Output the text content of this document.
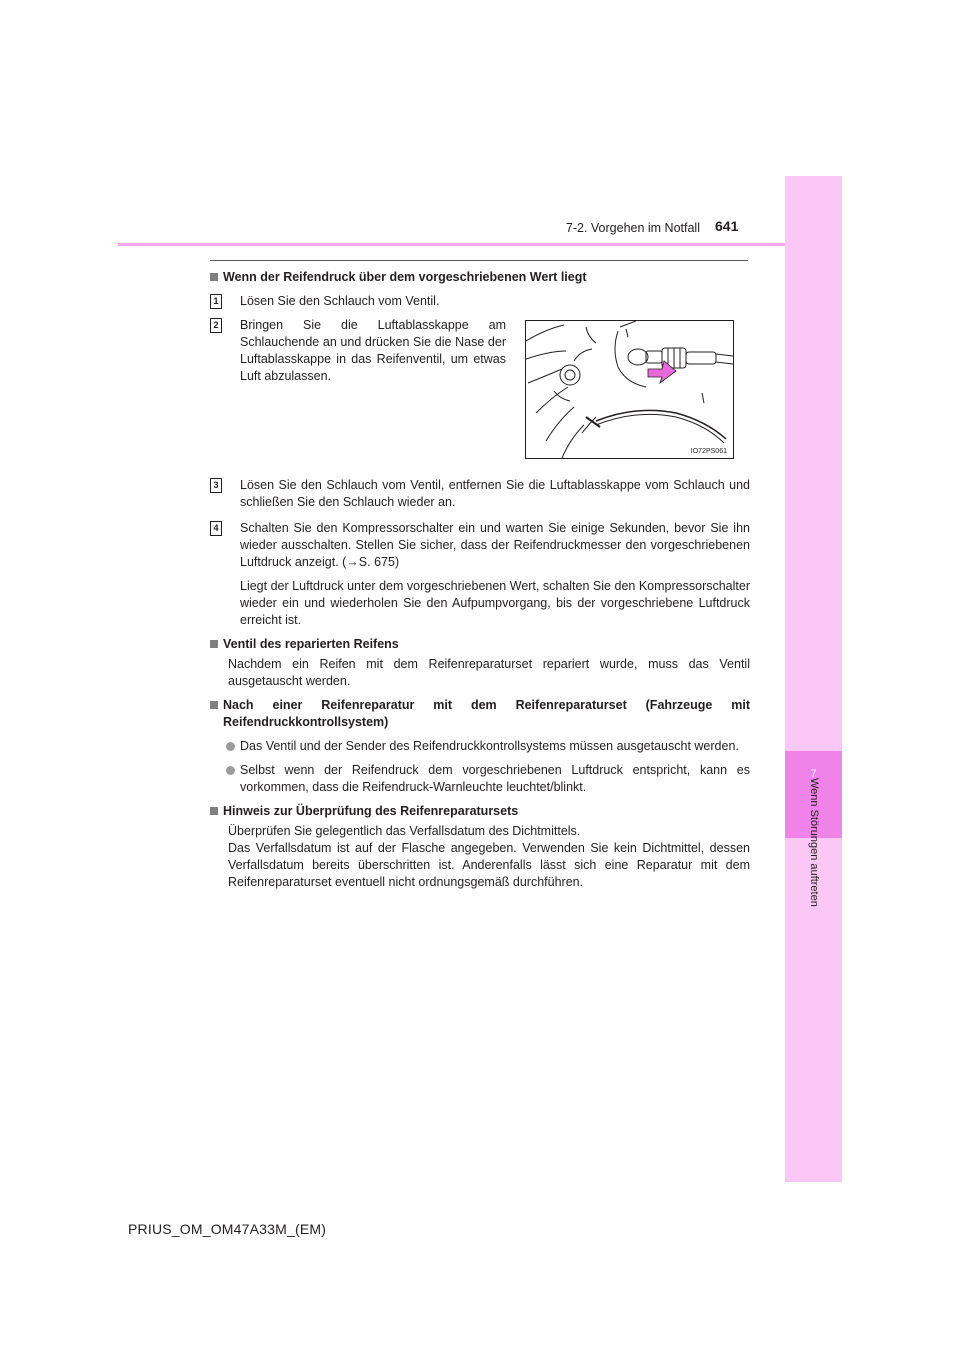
7-2. Vorgehen im Notfall 641
7
Wenn Störungen auftreten

Wenn der Reifendruck über dem vorgeschriebenen Wert liegt

1 Lösen Sie den Schlauch vom Ventil.

2 Bringen Sie die Luftablasskappe am Schlauchende an und drücken Sie die Nase der Luftablasskappe in das Reifenventil, um etwas Luft abzulassen.

3 Lösen Sie den Schlauch vom Ventil, entfernen Sie die Luftablasskappe vom Schlauch und schließen Sie den Schlauch wieder an.

4 Schalten Sie den Kompressorschalter ein und warten Sie einige Sekunden, bevor Sie ihn wieder ausschalten. Stellen Sie sicher, dass der Reifendruckmesser den vorgeschriebenen Luftdruck anzeigt. (→S. 675)

Liegt der Luftdruck unter dem vorgeschriebenen Wert, schalten Sie den Kompressorschalter wieder ein und wiederholen Sie den Aufpumpvorgang, bis der vorgeschriebene Luftdruck erreicht ist.

Ventil des reparierten Reifens

Nachdem ein Reifen mit dem Reifenreparaturset repariert wurde, muss das Ventil ausgetauscht werden.

Nach einer Reifenreparatur mit dem Reifenreparaturset (Fahrzeuge mit Reifendruckkontrollsystem)

Das Ventil und der Sender des Reifendruckkontrollsystems müssen ausgetauscht werden.

Selbst wenn der Reifendruck dem vorgeschriebenen Luftdruck entspricht, kann es vorkommen, dass die Reifendruck-Warnleuchte leuchtet/blinkt.

Hinweis zur Überprüfung des Reifenreparatursets

Überprüfen Sie gelegentlich das Verfallsdatum des Dichtmittels.

Das Verfallsdatum ist auf der Flasche angegeben. Verwenden Sie kein Dichtmittel, dessen Verfallsdatum bereits überschritten ist. Anderenfalls lässt sich eine Reparatur mit dem Reifenreparaturset eventuell nicht ordnungsgemäß durchführen.

IO72PS061
PRIUS_OM_OM47A33M_(EM)
